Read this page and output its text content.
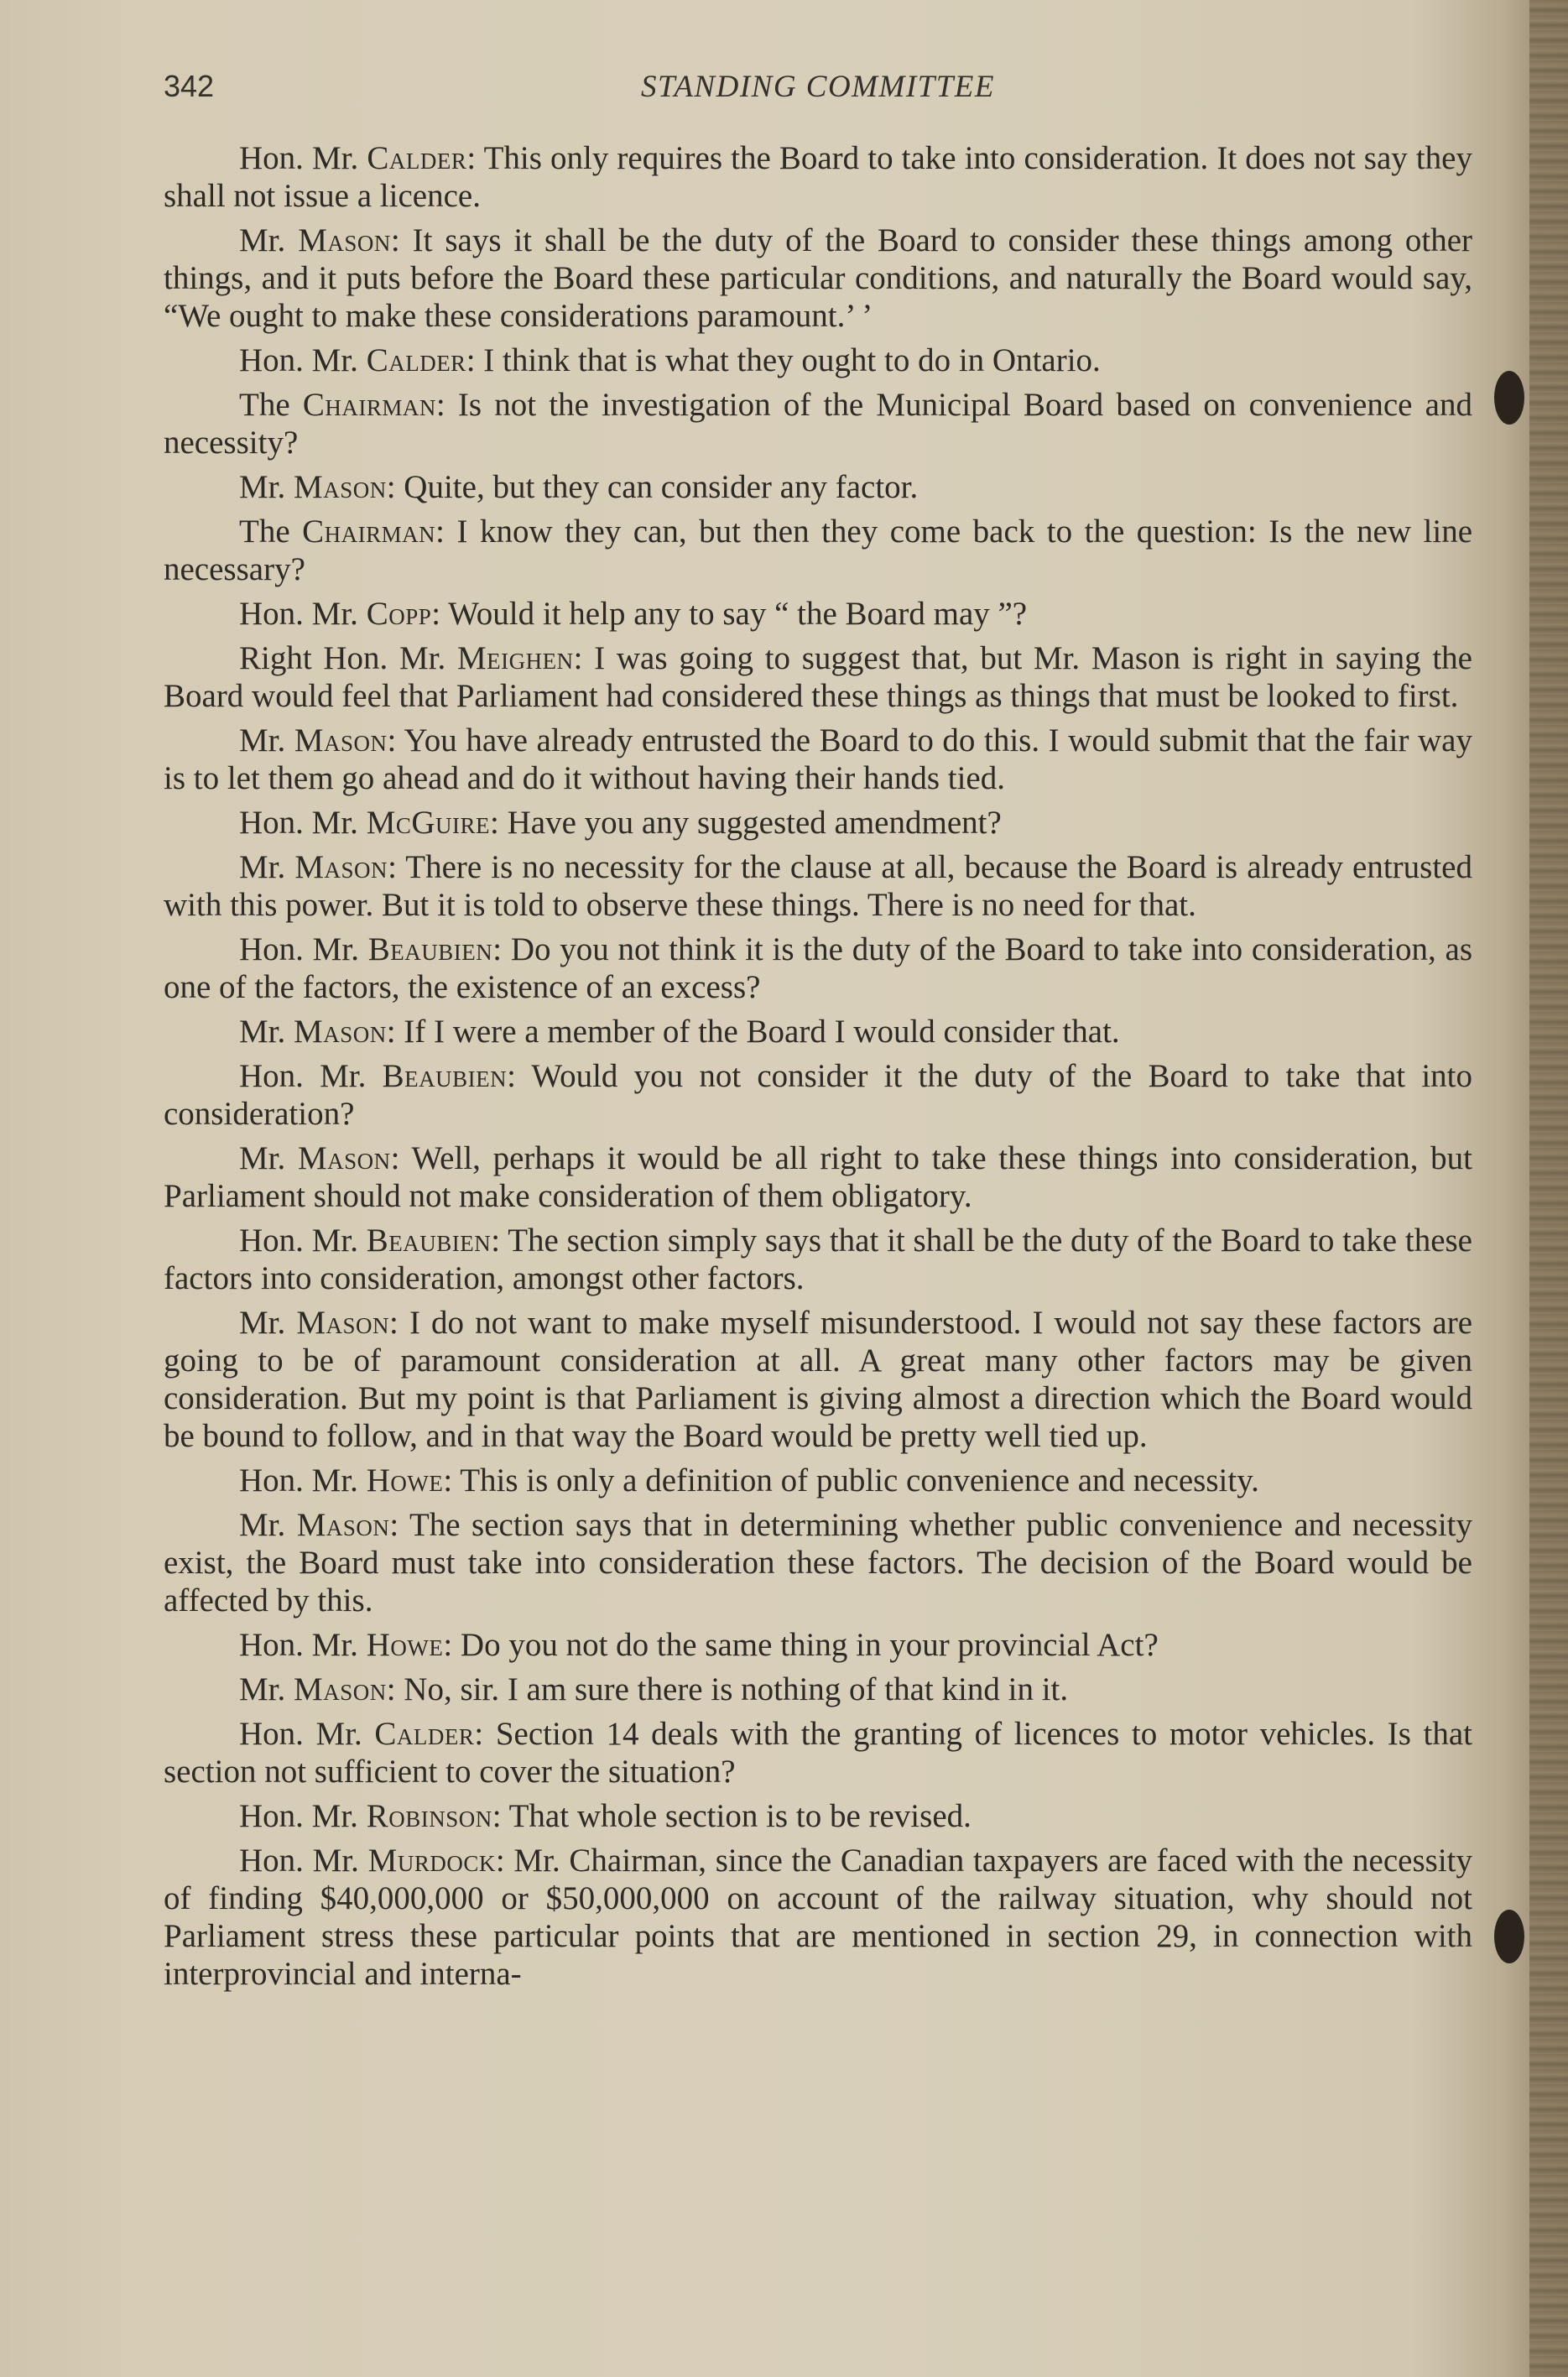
342	STANDING COMMITTEE

Hon. Mr. Calder: This only requires the Board to take into consideration. It does not say they shall not issue a licence.

Mr. Mason: It says it shall be the duty of the Board to consider these things among other things, and it puts before the Board these particular conditions, and naturally the Board would say, “We ought to make these considerations paramount.’ ’

Hon. Mr. Calder: I think that is what they ought to do in Ontario.

The Chairman: Is not the investigation of the Municipal Board based on convenience and necessity?

Mr. Mason: Quite, but they can consider any factor.

The Chairman: I know they can, but then they come back to the question: Is the new line necessary?

Hon. Mr. Copp: Would it help any to say “ the Board may ”?

Right Hon. Mr. Meighen: I was going to suggest that, but Mr. Mason is right in saying the Board would feel that Parliament had considered these things as things that must be looked to first.

Mr. Mason: You have already entrusted the Board to do this. I would submit that the fair way is to let them go ahead and do it without having their hands tied.

Hon. Mr. McGuire: Have you any suggested amendment?

Mr. Mason: There is no necessity for the clause at all, because the Board is already entrusted with this power. But it is told to observe these things. There is no need for that.

Hon. Mr. Beaubien: Do you not think it is the duty of the Board to take into consideration, as one of the factors, the existence of an excess?

Mr. Mason: If I were a member of the Board I would consider that.

Hon. Mr. Beaubien: Would you not consider it the duty of the Board to take that into consideration?

Mr. Mason: Well, perhaps it would be all right to take these things into consideration, but Parliament should not make consideration of them obligatory.

Hon. Mr. Beaubien: The section simply says that it shall be the duty of the Board to take these factors into consideration, amongst other factors.

Mr. Mason: I do not want to make myself misunderstood. I would not say these factors are going to be of paramount consideration at all. A great many other factors may be given consideration. But my point is that Parliament is giving almost a direction which the Board would be bound to follow, and in that way the Board would be pretty well tied up.

Hon. Mr. Howe: This is only a definition of public convenience and necessity.

Mr. Mason: The section says that in determining whether public convenience and necessity exist, the Board must take into consideration these factors. The decision of the Board would be affected by this.

Hon. Mr. Howe: Do you not do the same thing in your provincial Act?

Mr. Mason: No, sir. I am sure there is nothing of that kind in it.

Hon. Mr. Calder: Section 14 deals with the granting of licences to motor vehicles. Is that section not sufficient to cover the situation?

Hon. Mr. Robinson: That whole section is to be revised.

Hon. Mr. Murdock: Mr. Chairman, since the Canadian taxpayers are faced with the necessity of finding $40,000,000 or $50,000,000 on account of the railway situation, why should not Parliament stress these particular points that are mentioned in section 29, in connection with interprovincial and interna-
